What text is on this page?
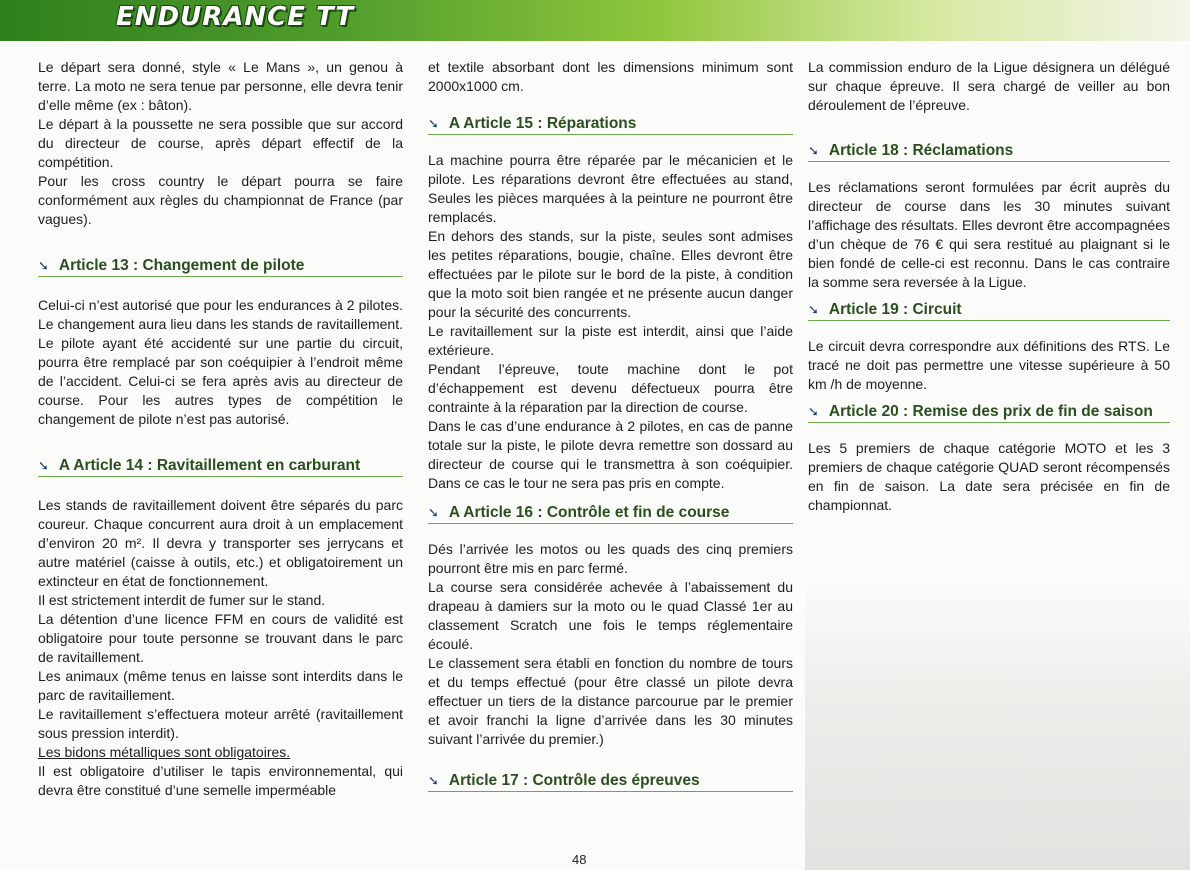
ENDURANCE TT

Le départ sera donné, style « Le Mans », un genou à terre. La moto ne sera tenue par personne, elle devra tenir d’elle même (ex : bâton).

Le départ à la poussette ne sera possible que sur accord du directeur de course, après départ effectif de la compétition.

Pour les cross country le départ pourra se faire conformément aux règles du championnat de France (par vagues).

➘ Article 13 : Changement de pilote

Celui-ci n’est autorisé que pour les endurances à 2 pilotes. Le changement aura lieu dans les stands de ravitaillement. Le pilote ayant été accidenté sur une partie du circuit, pourra être remplacé par son coéquipier à l’endroit même de l’accident. Celui-ci se fera après avis au directeur de course. Pour les autres types de compétition le changement de pilote n’est pas autorisé.

➘ A Article 14 : Ravitaillement en carburant

Les stands de ravitaillement doivent être séparés du parc coureur. Chaque concurrent aura droit à un emplacement d’environ 20 m². Il devra y transporter ses jerrycans et autre matériel (caisse à outils, etc.) et obligatoirement un extincteur en état de fonctionnement.

Il est strictement interdit de fumer sur le stand.

La détention d’une licence FFM en cours de validité est obligatoire pour toute personne se trouvant dans le parc de ravitaillement.

Les animaux (même tenus en laisse sont interdits dans le parc de ravitaillement.

Le ravitaillement s’effectuera moteur arrêté (ravitaillement sous pression interdit).

Les bidons métalliques sont obligatoires.

Il est obligatoire d’utiliser le tapis environnemental, qui devra être constitué d’une semelle imperméable

et textile absorbant dont les dimensions minimum sont 2000x1000 cm.

➘ A Article 15 : Réparations

La machine pourra être réparée par le mécanicien et le pilote. Les réparations devront être effectuées au stand, Seules les pièces marquées à la peinture ne pourront être remplacés.

En dehors des stands, sur la piste, seules sont admises les petites réparations, bougie, chaîne. Elles devront être effectuées par le pilote sur le bord de la piste, à condition que la moto soit bien rangée et ne présente aucun danger pour la sécurité des concurrents.

Le ravitaillement sur la piste est interdit, ainsi que l’aide extérieure.

Pendant l’épreuve, toute machine dont le pot d’échappement est devenu défectueux pourra être contrainte à la réparation par la direction de course.

Dans le cas d’une endurance à 2 pilotes, en cas de panne totale sur la piste, le pilote devra remettre son dossard au directeur de course qui le transmettra à son coéquipier. Dans ce cas le tour ne sera pas pris en compte.

➘ A Article 16 : Contrôle et fin de course

Dés l’arrivée les motos ou les quads des cinq premiers pourront être mis en parc fermé.

La course sera considérée achevée à l’abaissement du drapeau à damiers sur la moto ou le quad Classé 1er au classement Scratch une fois le temps réglementaire écoulé.

Le classement sera établi en fonction du nombre de tours et du temps effectué (pour être classé un pilote devra effectuer un tiers de la distance parcourue par le premier et avoir franchi la ligne d’arrivée dans les 30 minutes suivant l’arrivée du premier.)

➘ Article 17 : Contrôle des épreuves

La commission enduro de la Ligue désignera un délégué sur chaque épreuve. Il sera chargé de veiller au bon déroulement de l’épreuve.

➘ Article 18 : Réclamations

Les réclamations seront formulées par écrit auprès du directeur de course dans les 30 minutes suivant l’affichage des résultats. Elles devront être accompagnées d’un chèque de 76 € qui sera restitué au plaignant si le bien fondé de celle-ci est reconnu. Dans le cas contraire la somme sera reversée à la Ligue.

➘ Article 19 : Circuit

Le circuit devra correspondre aux définitions des RTS. Le tracé ne doit pas permettre une vitesse supérieure à 50 km /h de moyenne.

➘ Article 20 : Remise des prix de fin de saison

Les 5 premiers de chaque catégorie MOTO et les 3 premiers de chaque catégorie QUAD seront récompensés en fin de saison. La date sera précisée en fin de championnat.

48
